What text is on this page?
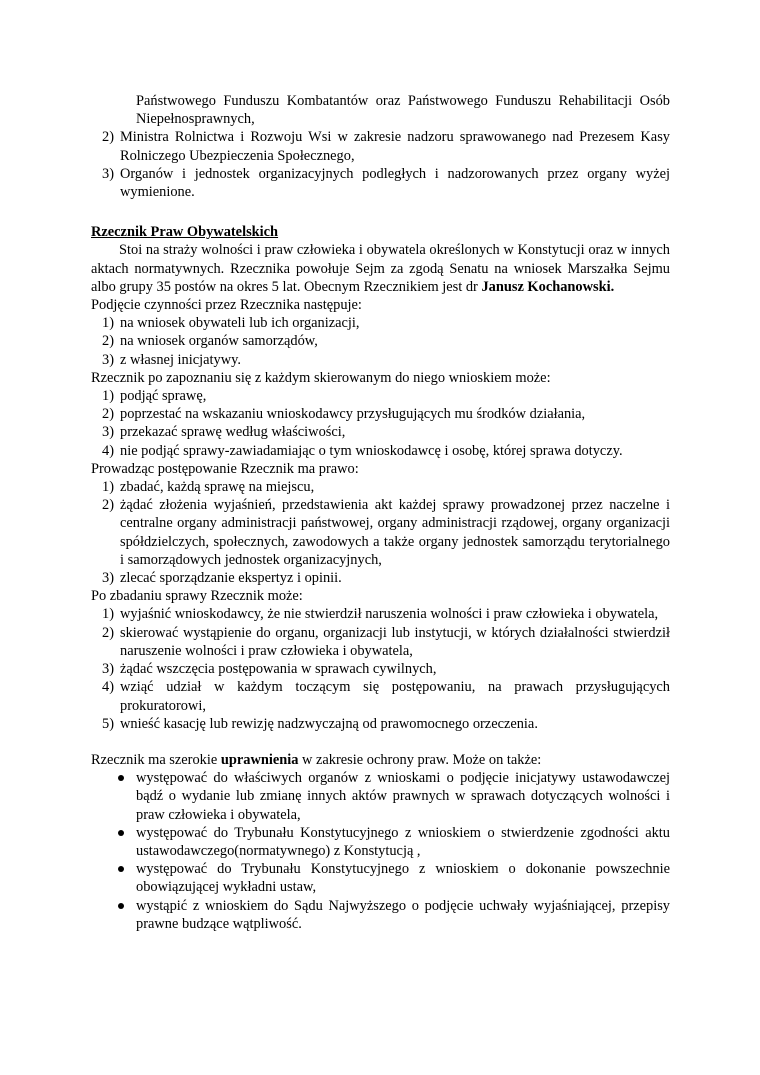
Państwowego Funduszu Kombatantów oraz Państwowego Funduszu Rehabilitacji Osób Niepełnosprawnych,

2) Ministra Rolnictwa i Rozwoju Wsi w zakresie nadzoru sprawowanego nad Prezesem Kasy Rolniczego Ubezpieczenia Społecznego,
3) Organów i jednostek organizacyjnych podległych i nadzorowanych przez organy wyżej wymienione.

Rzecznik Praw Obywatelskich

Stoi na straży wolności i praw człowieka i obywatela określonych w Konstytucji oraz w innych aktach normatywnych. Rzecznika powołuje Sejm za zgodą Senatu na wniosek Marszałka Sejmu albo grupy 35 postów na okres 5 lat. Obecnym Rzecznikiem jest dr Janusz Kochanowski.

Podjęcie czynności przez Rzecznika następuje:

1) na wniosek obywateli lub ich organizacji,
2) na wniosek organów samorządów,
3) z własnej inicjatywy.

Rzecznik po zapoznaniu się z każdym skierowanym do niego wnioskiem może:

1) podjąć sprawę,
2) poprzestać na wskazaniu wnioskodawcy przysługujących mu środków działania,
3) przekazać sprawę według właściwości,
4) nie podjąć sprawy-zawiadamiając o tym wnioskodawcę i osobę, której sprawa dotyczy.

Prowadząc postępowanie Rzecznik ma prawo:

1) zbadać, każdą sprawę na miejscu,
2) żądać złożenia wyjaśnień, przedstawienia akt każdej sprawy prowadzonej przez naczelne i centralne organy administracji państwowej, organy administracji rządowej, organy organizacji spółdzielczych, społecznych, zawodowych a także organy jednostek samorządu terytorialnego i samorządowych jednostek organizacyjnych,
3) zlecać sporządzanie ekspertyz i opinii.

Po zbadaniu sprawy Rzecznik może:

1) wyjaśnić wnioskodawcy, że nie stwierdził naruszenia wolności i praw człowieka i obywatela,
2) skierować wystąpienie do organu, organizacji lub instytucji, w których działalności stwierdził naruszenie wolności i praw człowieka i obywatela,
3) żądać wszczęcia postępowania w sprawach cywilnych,
4) wziąć udział w każdym toczącym się postępowaniu, na prawach przysługujących prokuratorowi,
5) wnieść kasację lub rewizję nadzwyczajną od prawomocnego orzeczenia.

Rzecznik ma szerokie uprawnienia w zakresie ochrony praw. Może on także:

występować do właściwych organów z wnioskami o podjęcie inicjatywy ustawodawczej bądź o wydanie lub zmianę innych aktów prawnych w sprawach dotyczących wolności i praw człowieka i obywatela,
występować do Trybunału Konstytucyjnego z wnioskiem o stwierdzenie zgodności aktu ustawodawczego(normatywnego) z Konstytucją ,
występować do Trybunału Konstytucyjnego z wnioskiem o dokonanie powszechnie obowiązującej wykładni ustaw,
wystąpić z wnioskiem do Sądu Najwyższego o podjęcie uchwały wyjaśniającej, przepisy prawne budzące wątpliwość.
